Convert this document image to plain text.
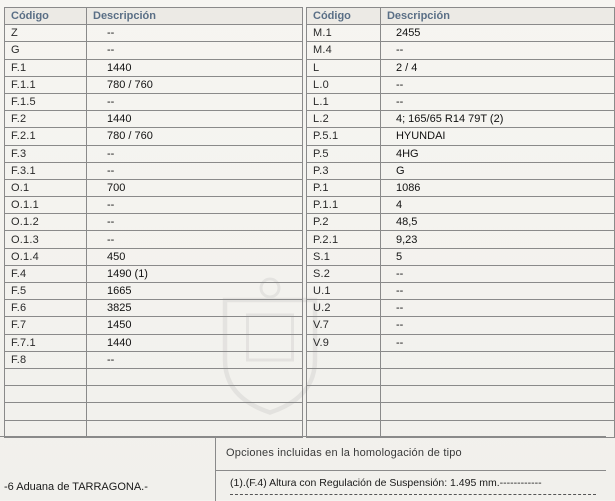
Código	Descripción
Z	--
G	--
F.1	1440
F.1.1	780 / 760
F.1.5	--
F.2	1440
F.2.1	780 / 760
F.3	--
F.3.1	--
O.1	700
O.1.1	--
O.1.2	--
O.1.3	--
O.1.4	450
F.4	1490 (1)
F.5	1665
F.6	3825
F.7	1450
F.7.1	1440
F.8	--

Código	Descripción
M.1	2455
M.4	--
L	2 / 4
L.0	--
L.1	--
L.2	4; 165/65 R14 79T (2)
P.5.1	HYUNDAI
P.5	4HG
P.3	G
P.1	1086
P.1.1	4
P.2	48,5
P.2.1	9,23
S.1	5
S.2	--
U.1	--
U.2	--
V.7	--
V.9	--

Opciones incluidas en la homologación de tipo
(1).(F.4) Altura con Regulación de Suspensión: 1.495 mm.------------
-6 Aduana de TARRAGONA.-
